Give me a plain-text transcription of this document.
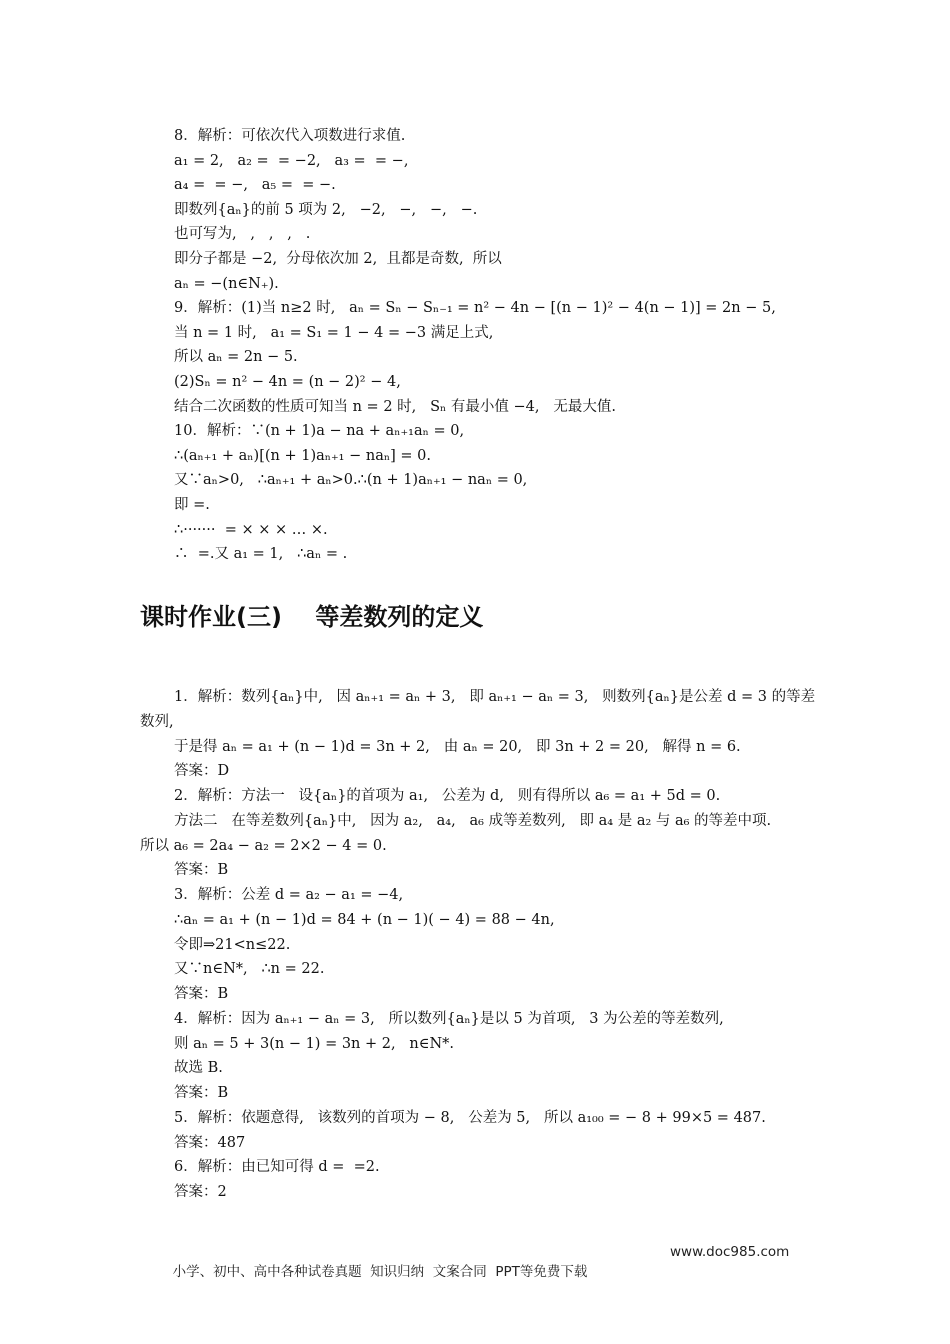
8．解析：可依次代入项数进行求值.
a₁ = 2,   a₂ =  = −2,   a₃ =  = −,
a₄ =  = −,   a₅ =  = −.
即数列{aₙ}的前 5 项为 2,   −2,   −,   −,   −.
也可写为,   ,   ,   ,   .
即分子都是 −2,  分母依次加 2,  且都是奇数,  所以
aₙ = −(n∈N₊).
9．解析：(1)当 n≥2 时,   aₙ = Sₙ − Sₙ₋₁ = n² − 4n − [(n − 1)² − 4(n − 1)] = 2n − 5,
当 n = 1 时,   a₁ = S₁ = 1 − 4 = −3 满足上式,
所以 aₙ = 2n − 5.
(2)Sₙ = n² − 4n = (n − 2)² − 4,
结合二次函数的性质可知当 n = 2 时,   Sₙ 有最小值 −4,   无最大值.
10．解析：∵(n + 1)a − na + aₙ₊₁aₙ = 0,
∴(aₙ₊₁ + aₙ)[(n + 1)aₙ₊₁ − naₙ] = 0.
又∵aₙ>0,   ∴aₙ₊₁ + aₙ>0.∴(n + 1)aₙ₊₁ − naₙ = 0,
即 =.
∴·······  = × × × … ×.
∴  =.又 a₁ = 1,   ∴aₙ = .
课时作业(三)    等差数列的定义
1．解析：数列{aₙ}中,   因 aₙ₊₁ = aₙ + 3,   即 aₙ₊₁ − aₙ = 3,   则数列{aₙ}是公差 d = 3 的等差
数列,
于是得 aₙ = a₁ + (n − 1)d = 3n + 2,   由 aₙ = 20,   即 3n + 2 = 20,   解得 n = 6.
答案：D
2．解析：方法一   设{aₙ}的首项为 a₁,   公差为 d,   则有得所以 a₆ = a₁ + 5d = 0.
方法二   在等差数列{aₙ}中,   因为 a₂,   a₄,   a₆ 成等差数列,   即 a₄ 是 a₂ 与 a₆ 的等差中项.
所以 a₆ = 2a₄ − a₂ = 2×2 − 4 = 0.
答案：B
3．解析：公差 d = a₂ − a₁ = −4,
∴aₙ = a₁ + (n − 1)d = 84 + (n − 1)( − 4) = 88 − 4n,
令即⇒21<n≤22.
又∵n∈N*,   ∴n = 22.
答案：B
4．解析：因为 aₙ₊₁ − aₙ = 3,   所以数列{aₙ}是以 5 为首项,   3 为公差的等差数列,
则 aₙ = 5 + 3(n − 1) = 3n + 2,   n∈N*.
故选 B.
答案：B
5．解析：依题意得,   该数列的首项为 − 8,   公差为 5,   所以 a₁₀₀ = − 8 + 99×5 = 487.
答案：487
6．解析：由已知可得 d =  =2.
答案：2

小学、初中、高中各种试卷真题  知识归纳  文案合同  PPT等免费下载

www.doc985.com
